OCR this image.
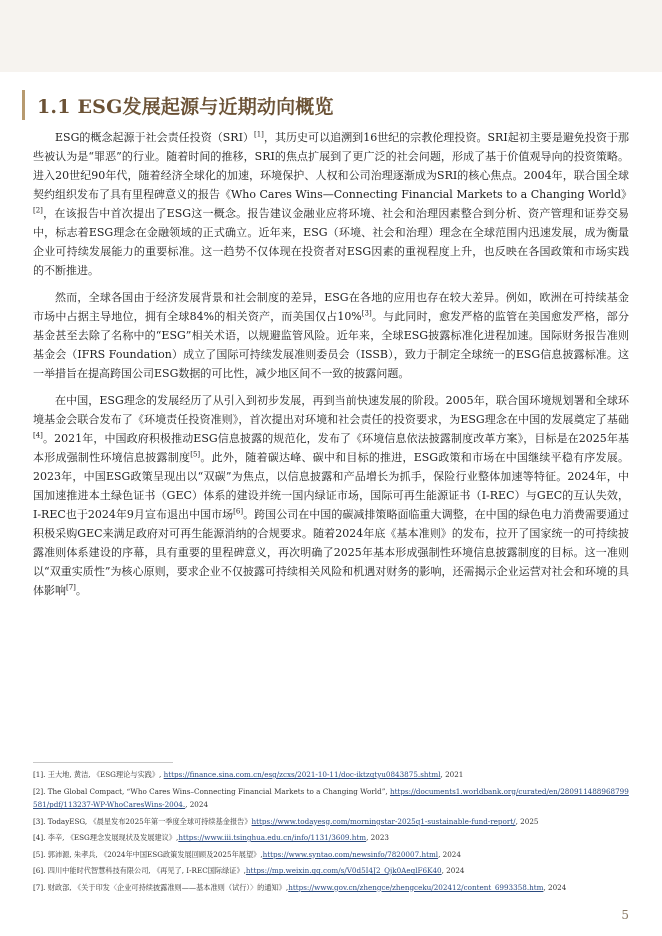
1.1 ESG发展起源与近期动向概览

ESG的概念起源于社会责任投资（SRI）[1]，其历史可以追溯到16世纪的宗教伦理投资。SRI起初主要是避免投资于那些被认为是“罪恶”的行业。随着时间的推移，SRI的焦点扩展到了更广泛的社会问题，形成了基于价值观导向的投资策略。进入20世纪90年代，随着经济全球化的加速，环境保护、人权和公司治理逐渐成为SRI的核心焦点。2004年，联合国全球契约组织发布了具有里程碑意义的报告《Who Cares Wins—Connecting Financial Markets to a Changing World》[2]，在该报告中首次提出了ESG这一概念。报告建议金融业应将环境、社会和治理因素整合到分析、资产管理和证券交易中，标志着ESG理念在金融领域的正式确立。近年来，ESG（环境、社会和治理）理念在全球范围内迅速发展，成为衡量企业可持续发展能力的重要标准。这一趋势不仅体现在投资者对ESG因素的重视程度上升，也反映在各国政策和市场实践的不断推进。

然而，全球各国由于经济发展背景和社会制度的差异，ESG在各地的应用也存在较大差异。例如，欧洲在可持续基金市场中占据主导地位，拥有全球84%的相关资产，而美国仅占10%[3]。与此同时，愈发严格的监管在美国愈发严格，部分基金甚至去除了名称中的“ESG”相关术语，以规避监管风险。近年来，全球ESG披露标准化进程加速。国际财务报告准则基金会（IFRS Foundation）成立了国际可持续发展准则委员会（ISSB），致力于制定全球统一的ESG信息披露标准。这一举措旨在提高跨国公司ESG数据的可比性，减少地区间不一致的披露问题。

在中国，ESG理念的发展经历了从引入到初步发展，再到当前快速发展的阶段。2005年，联合国环境规划署和全球环境基金会联合发布了《环境责任投资准则》，首次提出对环境和社会责任的投资要求，为ESG理念在中国的发展奠定了基础[4]。2021年，中国政府积极推动ESG信息披露的规范化，发布了《环境信息依法披露制度改革方案》，目标是在2025年基本形成强制性环境信息披露制度[5]。此外，随着碳达峰、碳中和目标的推进，ESG政策和市场在中国继续平稳有序发展。2023年，中国ESG政策呈现出以“双碳”为焦点，以信息披露和产品增长为抓手，保险行业整体加速等特征。2024年，中国加速推进本土绿色证书（GEC）体系的建设并统一国内绿证市场，国际可再生能源证书（I-REC）与GEC的互认失效，I-REC也于2024年9月宣布退出中国市场[6]。跨国公司在中国的碳减排策略面临重大调整，在中国的绿色电力消费需要通过积极采购GEC来满足政府对可再生能源消纳的合规要求。随着2024年底《基本准则》的发布，拉开了国家统一的可持续披露准则体系建设的序幕，具有重要的里程碑意义，再次明确了2025年基本形成强制性环境信息披露制度的目标。这一准则以“双重实质性”为核心原则，要求企业不仅披露可持续相关风险和机遇对财务的影响，还需揭示企业运营对社会和环境的具体影响[7]。

[1]. 王大地, 黄洁, 《ESG理论与实践》, https://finance.sina.com.cn/esg/zcxs/2021-10-11/doc-iktzqtyu0843875.shtml, 2021
[2]. The Global Compact, “Who Cares Wins–Connecting Financial Markets to a Changing World”, https://documents1.worldbank.org/curated/en/280911488968799581/pdf/113237-WP-WhoCaresWins-2004., 2024
[3]. TodayESG, 《晨星发布2025年第一季度全球可持续基金报告》https://www.todayesg.com/morningstar-2025q1-sustainable-fund-report/, 2025
[4]. 李辛, 《ESG理念发展现状及发展建议》,https://www.iii.tsinghua.edu.cn/info/1131/3609.htm, 2023
[5]. 郭沛源, 朱孝兵, 《2024年中国ESG政策发展回顾及2025年展望》,https://www.syntao.com/newsinfo/7820007.html, 2024
[6]. 四川中能时代智慧科技有限公司, 《再见了, I-REC国际绿证》,https://mp.weixin.qq.com/s/V0d5I4J2_Qjk0AeqlF6K40, 2024
[7]. 财政部, 《关于印发〈企业可持续披露准则——基本准则（试行）〉的通知》,https://www.gov.cn/zhengce/zhengceku/202412/content_6993358.htm, 2024
5
